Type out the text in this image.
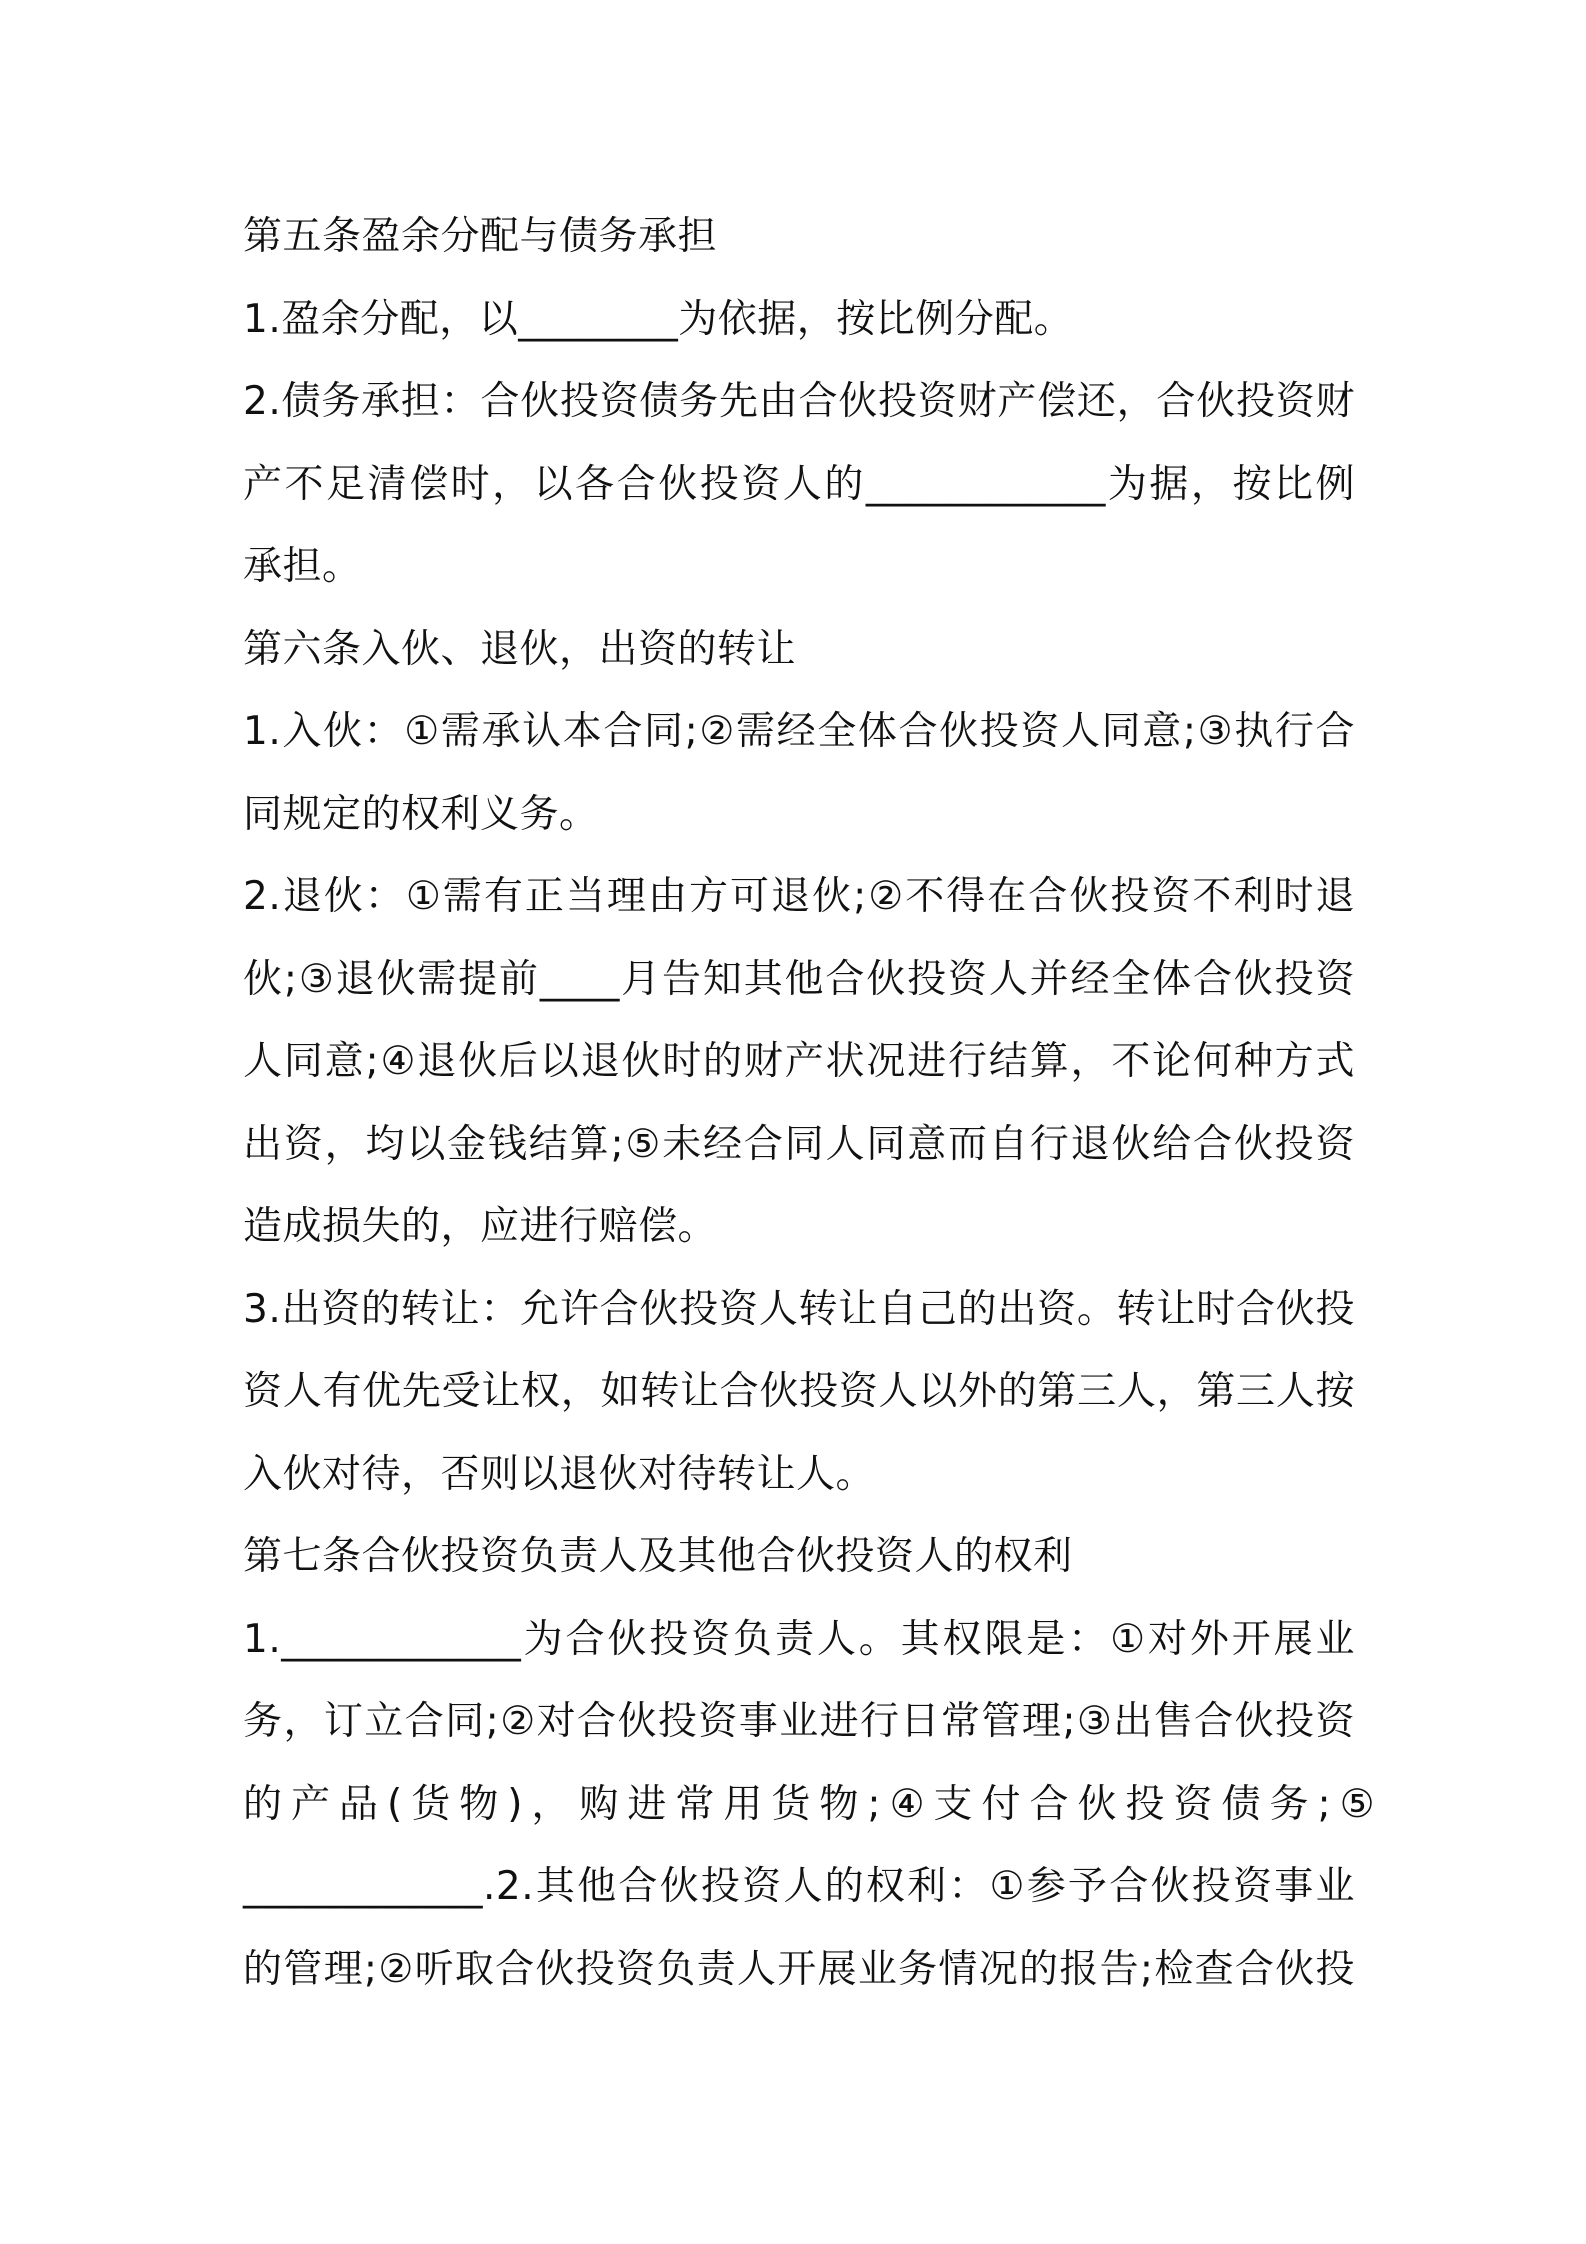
第五条盈余分配与债务承担
1.盈余分配，以________为依据，按比例分配。
2.债务承担：合伙投资债务先由合伙投资财产偿还，合伙投资财
产不足清偿时，以各合伙投资人的____________为据，按比例
承担。
第六条入伙、退伙，出资的转让
1.入伙：①需承认本合同;②需经全体合伙投资人同意;③执行合
同规定的权利义务。
2.退伙：①需有正当理由方可退伙;②不得在合伙投资不利时退
伙;③退伙需提前____月告知其他合伙投资人并经全体合伙投资
人同意;④退伙后以退伙时的财产状况进行结算，不论何种方式
出资，均以金钱结算;⑤未经合同人同意而自行退伙给合伙投资
造成损失的，应进行赔偿。
3.出资的转让：允许合伙投资人转让自己的出资。转让时合伙投
资人有优先受让权，如转让合伙投资人以外的第三人，第三人按
入伙对待，否则以退伙对待转让人。
第七条合伙投资负责人及其他合伙投资人的权利
1.____________为合伙投资负责人。其权限是：①对外开展业
务，订立合同;②对合伙投资事业进行日常管理;③出售合伙投资
的产品(货物)，购进常用货物;④支付合伙投资债务;⑤
____________.2.其他合伙投资人的权利：①参予合伙投资事业
的管理;②听取合伙投资负责人开展业务情况的报告;检查合伙投
